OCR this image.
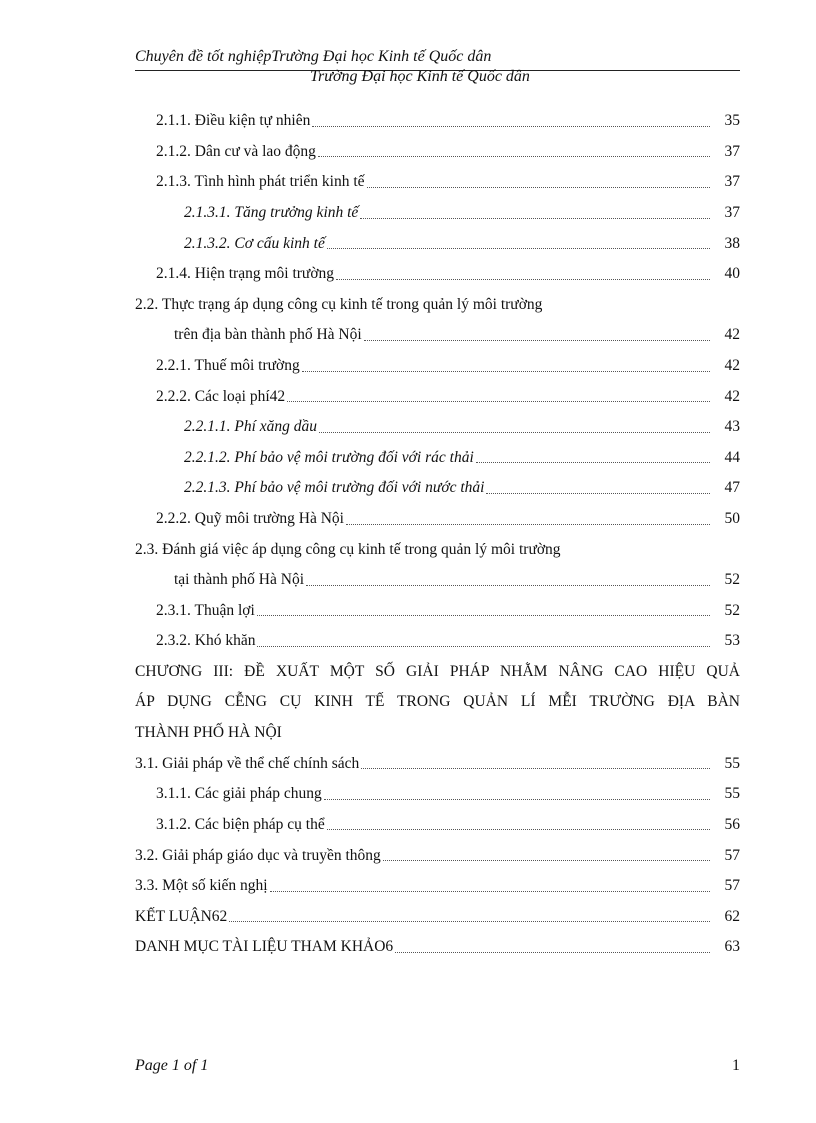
Chuyên đề tốt nghiệpTrường Đại học Kinh tế Quốc dân
Trường Đại học Kinh tế Quốc dân
2.1.1. Điều kiện tự nhiên	35
2.1.2. Dân cư và lao động	37
2.1.3. Tình hình phát triển kinh tế	37
2.1.3.1. Tăng trưởng kinh tế	37
2.1.3.2. Cơ cấu kinh tế	38
2.1.4. Hiện trạng môi trường	40
2.2. Thực trạng áp dụng công cụ kinh tế trong quản lý môi trường
trên địa bàn thành phố Hà Nội	42
2.2.1. Thuế môi trường	42
2.2.2. Các loại phí42	42
2.2.1.1. Phí xăng dầu	43
2.2.1.2. Phí bảo vệ môi trường đối với rác thải	44
2.2.1.3. Phí bảo vệ môi trường đối với nước thải	47
2.2.2. Quỹ môi trường Hà Nội	50
2.3. Đánh giá việc áp dụng công cụ kinh tế trong quản lý môi trường
tại thành phố Hà Nội	52
2.3.1. Thuận lợi	52
2.3.2. Khó khăn	53
CHƯƠNG III: ĐỀ XUẤT MỘT SỐ GIẢI PHÁP NHẰM NÂNG CAO HIỆU QUẢ
ÁP DỤNG CỄNG CỤ KINH TẾ TRONG QUẢN LÍ MỄI TRƯỜNG ĐỊA BÀN
THÀNH PHỐ HÀ NỘI
3.1. Giải pháp về thể chế chính sách	55
3.1.1. Các giải pháp chung	55
3.1.2. Các biện pháp cụ thể	56
3.2. Giải pháp giáo dục và truyền thông	57
3.3. Một số kiến nghị	57
KẾT LUẬN62	62
DANH MỤC TÀI LIỆU THAM KHẢO6	63
Page 1 of 1	1
